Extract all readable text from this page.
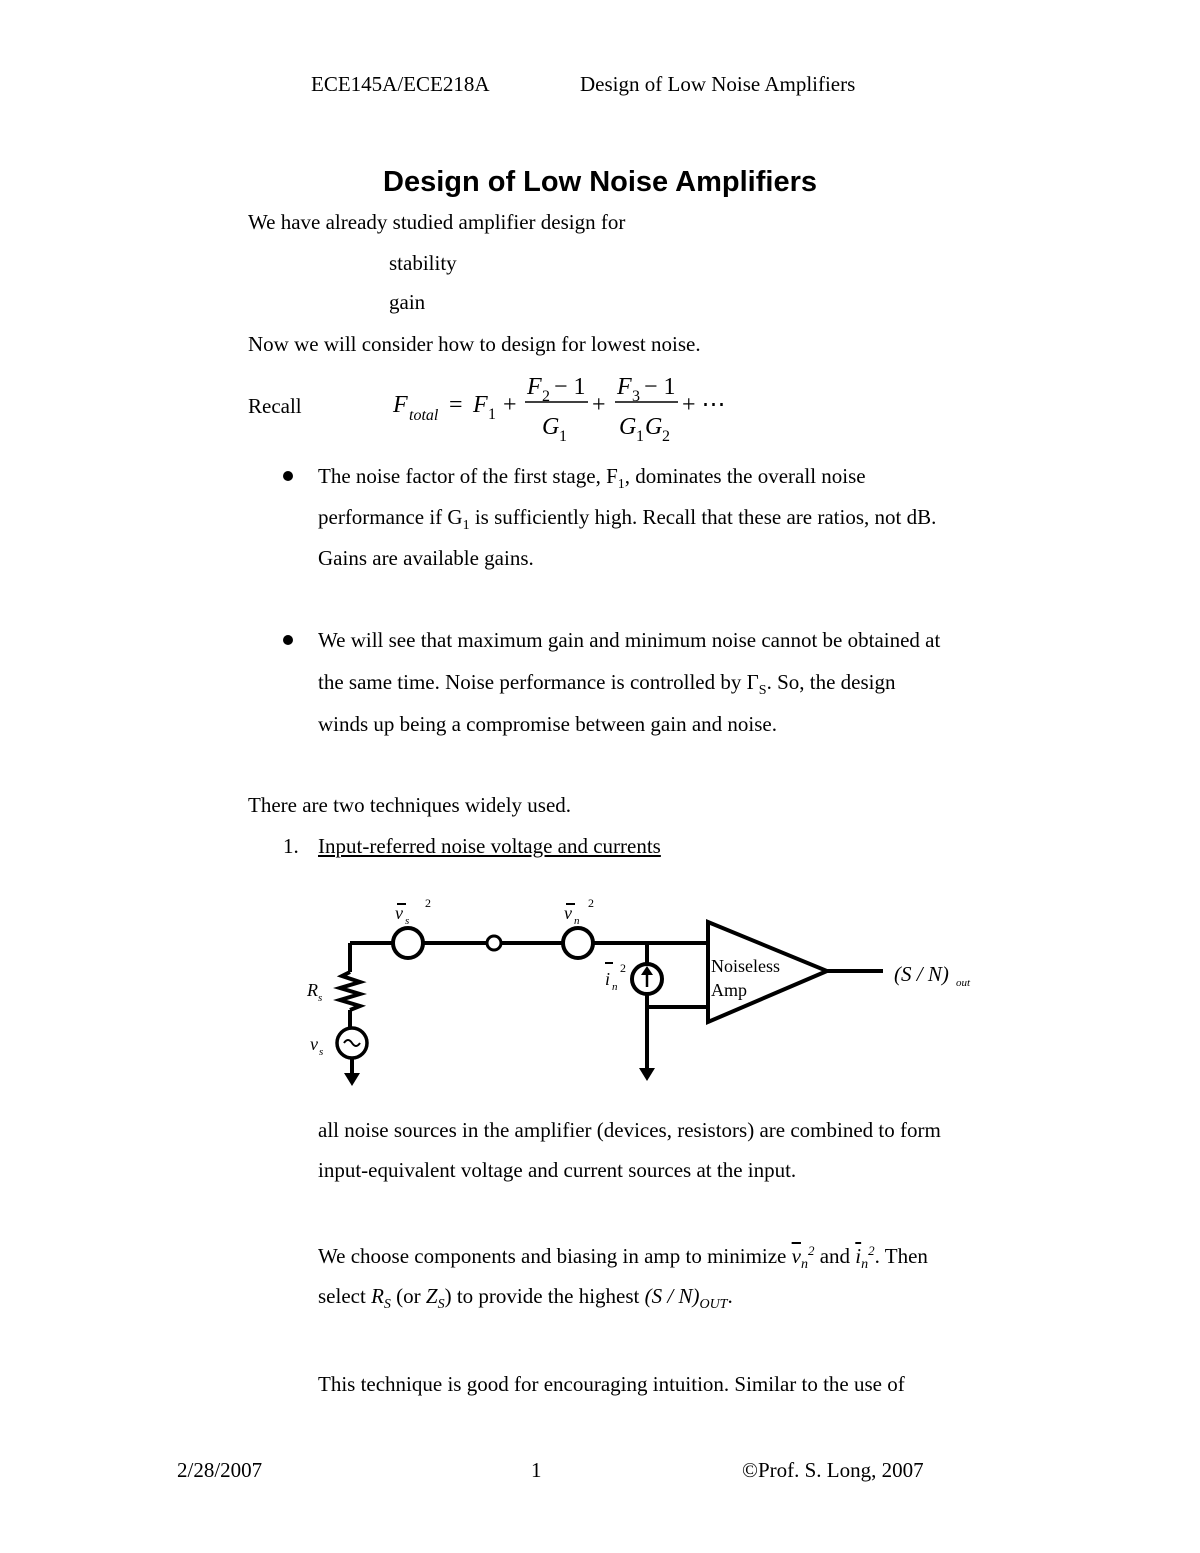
ECE145A/ECE218A	Design of Low Noise Amplifiers
Design of Low Noise Amplifiers
We have already studied amplifier design for
stability
gain
Now we will consider how to design for lowest noise.
Recall	F total = F 1 +
F 2 − 1
G 1
+
F 3 − 1
G 1 G 2
+ ⋯
The noise factor of the first stage, $F_1$, dominates the overall noise
performance if $G_1$ is sufficiently high. Recall that these are ratios, not dB.
Gains are available gains.
We will see that maximum gain and minimum noise cannot be obtained at
the same time. Noise performance is controlled by $\Gamma_S$. So, the design
winds up being a compromise between gain and noise.
There are two techniques widely used.
1. Input-referred noise voltage and currents
v s
2	v n
2
i n
2
R s
v s
(S / N) out
Noiseless
Amp
all noise sources in the amplifier (devices, resistors) are combined to form
input-equivalent voltage and current sources at the input.
We choose components and biasing in amp to minimize $\overline{v}_n^2$ and $\overline{i}_n^2$. Then
select $R_S$ (or $Z_S$) to provide the highest $(S / N)_{OUT}$.
This technique is good for encouraging intuition. Similar to the use of
2/28/2007	1	©Prof. S. Long, 2007
